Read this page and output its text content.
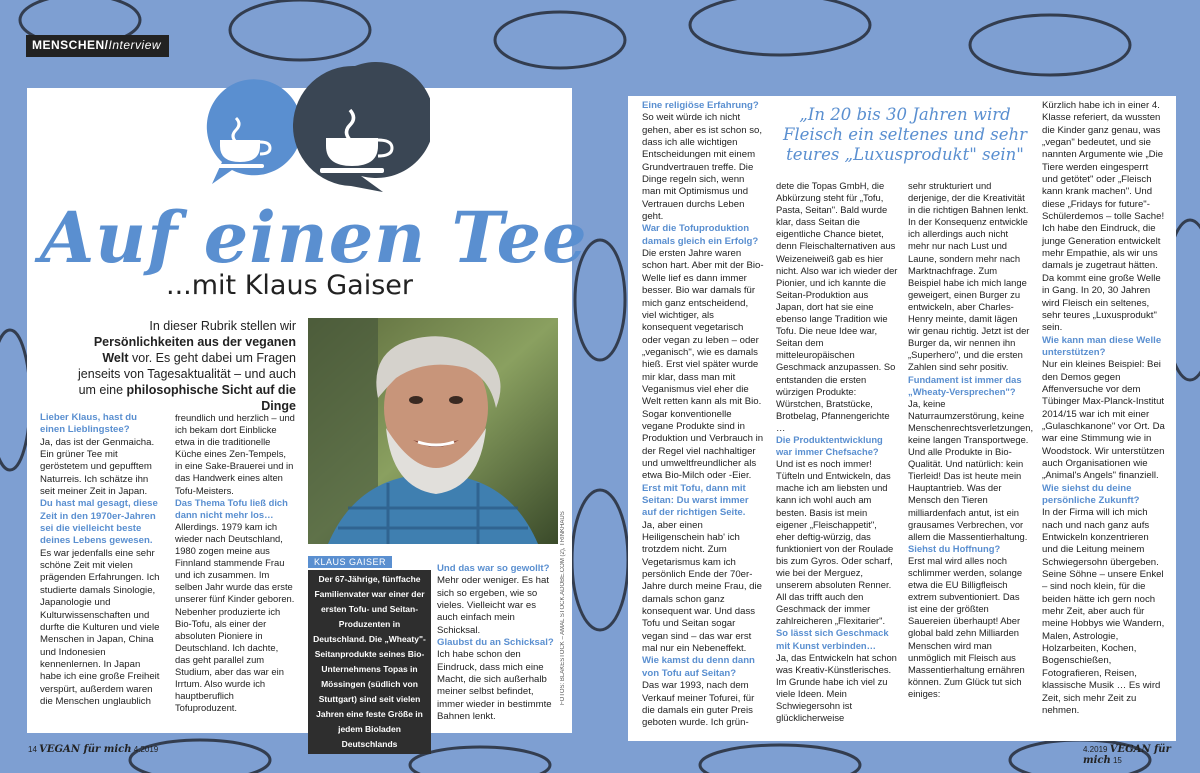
MENSCHEN/Interview
Auf einen Tee
...mit Klaus Gaiser
In dieser Rubrik stellen wir Persönlichkeiten aus der veganen Welt vor. Es geht dabei um Fragen jenseits von Tagesaktualität – und auch um eine philosophische Sicht auf die Dinge
FOTOS: BLAKESTOCK – AMAL STOCK.ADOBE.COM (2), TRINKHAUS
KLAUS GAISER
Der 67-Jährige, fünffache Familienvater war einer der ersten Tofu- und Seitan-Produzenten in Deutschland. Die „Wheaty"-Seitanprodukte seines Bio-Unternehmens Topas in Mössingen (südlich von Stuttgart) sind seit vielen Jahren eine feste Größe in jedem Bioladen Deutschlands

Lieber Klaus, hast du einen Lieblingstee?

Ja, das ist der Genmaicha. Ein grüner Tee mit geröstetem und gepufftem Naturreis. Ich schätze ihn seit meiner Zeit in Japan.

Du hast mal gesagt, diese Zeit in den 1970er-Jahren sei die vielleicht beste deines Lebens gewesen.

Es war jedenfalls eine sehr schöne Zeit mit vielen prägenden Erfahrungen. Ich studierte damals Sinologie, Japanologie und Kulturwissenschaften und durfte die Kulturen und viele Menschen in Japan, China und Indonesien kennenlernen. In Japan habe ich eine große Freiheit verspürt, außerdem waren die Menschen unglaublich

freundlich und herzlich – und ich bekam dort Einblicke etwa in die traditionelle Küche eines Zen-Tempels, in eine Sake-Brauerei und in das Handwerk eines alten Tofu-Meisters.

Das Thema Tofu ließ dich dann nicht mehr los…

Allerdings. 1979 kam ich wieder nach Deutschland, 1980 zogen meine aus Finnland stammende Frau und ich zusammen. Im selben Jahr wurde das erste unserer fünf Kinder geboren. Nebenher produzierte ich Bio-Tofu, als einer der absoluten Pioniere in Deutschland. Ich dachte, das geht parallel zum Studium, aber das war ein Irrtum. Also wurde ich hauptberuflich Tofuproduzent.

Und das war so gewollt?

Mehr oder weniger. Es hat sich so ergeben, wie so vieles. Vielleicht war es auch einfach mein Schicksal.

Glaubst du an Schicksal?

Ich habe schon den Eindruck, dass mich eine Macht, die sich außerhalb meiner selbst befindet, immer wieder in bestimmte Bahnen lenkt.

14 VEGAN für mich 4.2019
„In 20 bis 30 Jahren wird Fleisch ein seltenes und sehr teures „Luxusprodukt" sein"

Eine religiöse Erfahrung?

So weit würde ich nicht gehen, aber es ist schon so, dass ich alle wichtigen Entscheidungen mit einem Grundvertrauen treffe. Die Dinge regeln sich, wenn man mit Optimismus und Vertrauen durchs Leben geht.

War die Tofuproduktion damals gleich ein Erfolg?

Die ersten Jahre waren schon hart. Aber mit der Bio-Welle lief es dann immer besser. Bio war damals für mich ganz entscheidend, viel wichtiger, als konsequent vegetarisch oder vegan zu leben – oder „veganisch", wie es damals hieß. Erst viel später wurde mir klar, dass man mit Veganismus viel eher die Welt retten kann als mit Bio. Sogar konventionelle vegane Produkte sind in Produktion und Verbrauch in der Regel viel nachhaltiger und umweltfreundlicher als etwa Bio-Milch oder -Eier.

Erst mit Tofu, dann mit Seitan: Du warst immer auf der richtigen Seite.

Ja, aber einen Heiligenschein hab' ich trotzdem nicht. Zum Vegetarismus kam ich persönlich Ende der 70er-Jahre durch meine Frau, die damals schon ganz konsequent war. Und dass Tofu und Seitan sogar vegan sind – das war erst mal nur ein Nebeneffekt.

Wie kamst du denn dann von Tofu auf Seitan?

Das war 1993, nach dem Verkauf meiner Tofurei, für die damals ein guter Preis geboten wurde. Ich grün-

dete die Topas GmbH, die Abkürzung steht für „Tofu, Pasta, Seitan". Bald wurde klar, dass Seitan die eigentliche Chance bietet, denn Fleischalternativen aus Weizeneiweiß gab es hier nicht. Also war ich wieder der Pionier, und ich kannte die Seitan-Produktion aus Japan, dort hat sie eine ebenso lange Tradition wie Tofu. Die neue Idee war, Seitan dem mitteleuropäischen Geschmack anzupassen. So entstanden die ersten würzigen Produkte: Würstchen, Bratstücke, Brotbelag, Pfannengerichte …

Die Produktentwicklung war immer Chefsache?

Und ist es noch immer! Tüfteln und Entwickeln, das mache ich am liebsten und kann ich wohl auch am besten. Basis ist mein eigener „Fleischappetit", eher deftig-würzig, das funktioniert von der Roulade bis zum Gyros. Oder scharf, wie bei der Merguez, unserem absoluten Renner. All das trifft auch den Geschmack der immer zahlreicheren „Flexitarier".

So lässt sich Geschmack mit Kunst verbinden…

Ja, das Entwickeln hat schon was Kreativ-Künstlerisches. Im Grunde habe ich viel zu viele Ideen. Mein Schwiegersohn ist glücklicherweise

sehr strukturiert und derjenige, der die Kreativität in die richtigen Bahnen lenkt. In der Konsequenz entwickle ich allerdings auch nicht mehr nur nach Lust und Laune, sondern mehr nach Marktnachfrage. Zum Beispiel habe ich mich lange geweigert, einen Burger zu entwickeln, aber Charles-Henry meinte, damit lägen wir genau richtig. Jetzt ist der Burger da, wir nennen ihn „Superhero", und die ersten Zahlen sind sehr positiv.

Fundament ist immer das „Wheaty-Versprechen"?

Ja, keine Naturraumzerstörung, keine Menschenrechtsverletzungen, keine langen Transportwege. Und alle Produkte in Bio-Qualität. Und natürlich: kein Tierleid! Das ist heute mein Hauptantrieb. Was der Mensch den Tieren milliardenfach antut, ist ein grausames Verbrechen, vor allem die Massentierhaltung.

Siehst du Hoffnung?

Erst mal wird alles noch schlimmer werden, solange etwa die EU Billigfleisch extrem subventioniert. Das ist eine der größten Sauereien überhaupt! Aber global bald zehn Milliarden Menschen wird man unmöglich mit Fleisch aus Massentierhaltung ernähren können. Zum Glück tut sich einiges:

Kürzlich habe ich in einer 4. Klasse referiert, da wussten die Kinder ganz genau, was „vegan" bedeutet, und sie nannten Argumente wie „Die Tiere werden eingesperrt und getötet" oder „Fleisch kann krank machen". Und diese „Fridays for future"-Schülerdemos – tolle Sache! Ich habe den Eindruck, die junge Generation entwickelt mehr Empathie, als wir uns damals je zugetraut hätten. Da kommt eine große Welle in Gang. In 20, 30 Jahren wird Fleisch ein seltenes, sehr teures „Luxusprodukt" sein.

Wie kann man diese Welle unterstützen?

Nur ein kleines Beispiel: Bei den Demos gegen Affenversuche vor dem Tübinger Max-Planck-Institut 2014/15 war ich mit einer „Gulaschkanone" vor Ort. Da war eine Stimmung wie in Woodstock. Wir unterstützen auch Organisationen wie „Animal's Angels" finanziell.

Wie siehst du deine persönliche Zukunft?

In der Firma will ich mich nach und nach ganz aufs Entwickeln konzentrieren und die Leitung meinem Schwiegersohn übergeben. Seine Söhne – unsere Enkel – sind noch klein, für die beiden hätte ich gern noch mehr Zeit, aber auch für meine Hobbys wie Wandern, Malen, Astrologie, Holzarbeiten, Kochen, Bogenschießen, Fotografieren, Reisen, klassische Musik … Es wird Zeit, sich mehr Zeit zu nehmen.

4.2019 VEGAN für mich 15
